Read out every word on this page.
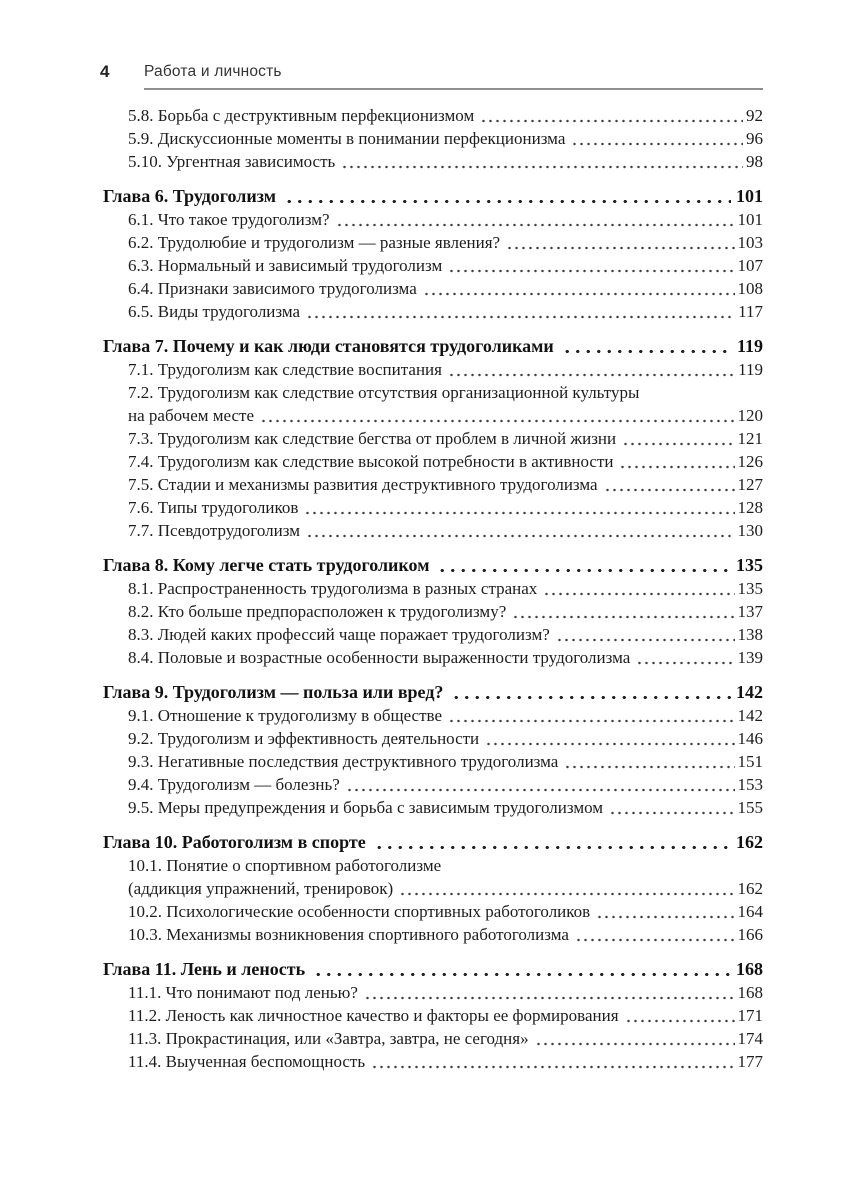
4	Работа и личность
5.8. Борьба с деструктивным перфекционизмом	92
5.9. Дискуссионные моменты в понимании перфекционизма	96
5.10. Ургентная зависимость	98
Глава 6. Трудоголизм	101
6.1. Что такое трудоголизм?	101
6.2. Трудолюбие и трудоголизм — разные явления?	103
6.3. Нормальный и зависимый трудоголизм	107
6.4. Признаки зависимого трудоголизма	108
6.5. Виды трудоголизма	117
Глава 7. Почему и как люди становятся трудоголиками	119
7.1. Трудоголизм как следствие воспитания	119
7.2. Трудоголизм как следствие отсутствия организационной культуры
на рабочем месте	120
7.3. Трудоголизм как следствие бегства от проблем в личной жизни	121
7.4. Трудоголизм как следствие высокой потребности в активности	126
7.5. Стадии и механизмы развития деструктивного трудоголизма	127
7.6. Типы трудоголиков	128
7.7. Псевдотрудоголизм	130
Глава 8. Кому легче стать трудоголиком	135
8.1. Распространенность трудоголизма в разных странах	135
8.2. Кто больше предпорасположен к трудоголизму?	137
8.3. Людей каких профессий чаще поражает трудоголизм?	138
8.4. Половые и возрастные особенности выраженности трудоголизма	139
Глава 9. Трудоголизм — польза или вред?	142
9.1. Отношение к трудоголизму в обществе	142
9.2. Трудоголизм и эффективность деятельности	146
9.3. Негативные последствия деструктивного трудоголизма	151
9.4. Трудоголизм — болезнь?	153
9.5. Меры предупреждения и борьба с зависимым трудоголизмом	155
Глава 10. Работоголизм в спорте	162
10.1. Понятие о спортивном работоголизме
(аддикция упражнений, тренировок)	162
10.2. Психологические особенности спортивных работоголиков	164
10.3. Механизмы возникновения спортивного работоголизма	166
Глава 11. Лень и леность	168
11.1. Что понимают под ленью?	168
11.2. Леность как личностное качество и факторы ее формирования	171
11.3. Прокрастинация, или «Завтра, завтра, не сегодня»	174
11.4. Выученная беспомощность	177
